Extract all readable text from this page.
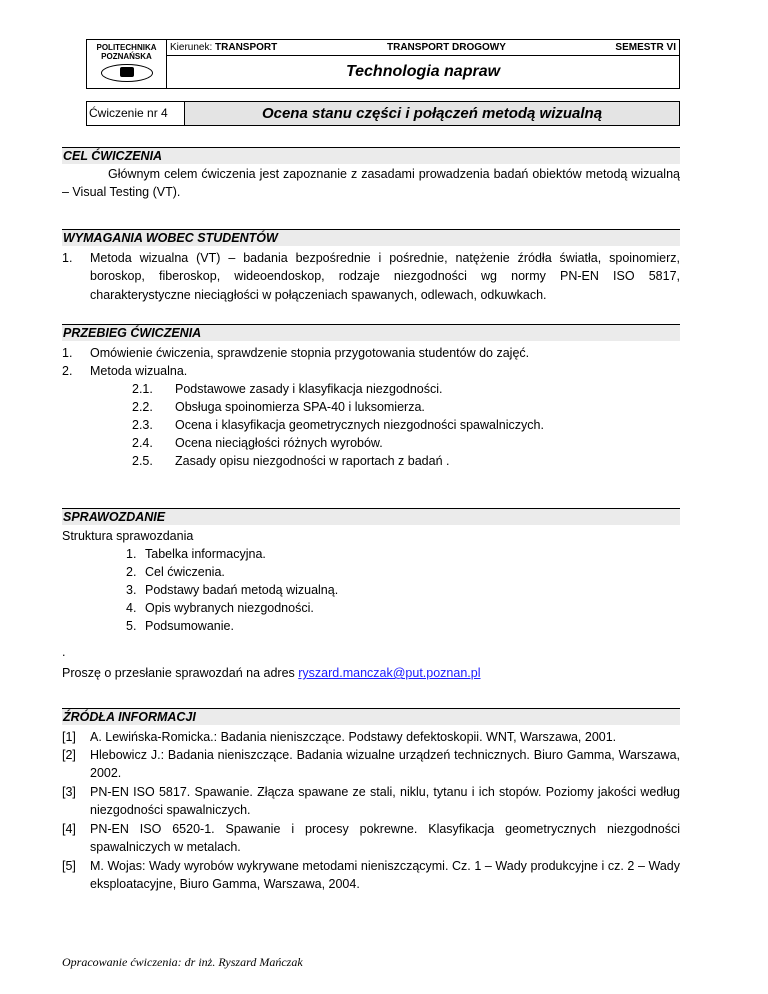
POLITECHNIKA
POZNAŃSKA
Kierunek: TRANSPORT	TRANSPORT DROGOWY	SEMESTR VI
Technologia napraw
Ćwiczenie nr 4	Ocena stanu części i połączeń metodą wizualną
CEL ĆWICZENIA
Głównym celem ćwiczenia jest zapoznanie z zasadami prowadzenia badań obiektów metodą wizualną – Visual Testing (VT).
WYMAGANIA WOBEC STUDENTÓW
1. Metoda wizualna (VT) – badania bezpośrednie i pośrednie, natężenie źródła światła, spoinomierz, boroskop, fiberoskop, wideoendoskop, rodzaje niezgodności wg normy PN-EN ISO 5817, charakterystyczne nieciągłości w połączeniach spawanych, odlewach, odkuwkach.
PRZEBIEG ĆWICZENIA
1. Omówienie ćwiczenia, sprawdzenie stopnia przygotowania studentów do zajęć.
2. Metoda wizualna.
2.1. Podstawowe zasady i klasyfikacja niezgodności.
2.2. Obsługa spoinomierza SPA-40 i luksomierza.
2.3. Ocena i klasyfikacja geometrycznych niezgodności spawalniczych.
2.4. Ocena nieciągłości różnych wyrobów.
2.5. Zasady opisu niezgodności w raportach z badań .
SPRAWOZDANIE
Struktura sprawozdania
1. Tabelka informacyjna.
2. Cel ćwiczenia.
3. Podstawy badań metodą wizualną.
4. Opis wybranych niezgodności.
5. Podsumowanie.
.
Proszę o przesłanie sprawozdań na adres ryszard.manczak@put.poznan.pl
ŹRÓDŁA INFORMACJI
[1] A. Lewińska-Romicka.: Badania nieniszczące. Podstawy defektoskopii. WNT, Warszawa, 2001.
[2] Hlebowicz J.: Badania nieniszczące. Badania wizualne urządzeń technicznych. Biuro Gamma, Warszawa, 2002.
[3] PN-EN ISO 5817. Spawanie. Złącza spawane ze stali, niklu, tytanu i ich stopów. Poziomy jakości według niezgodności spawalniczych.
[4] PN-EN ISO 6520-1. Spawanie i procesy pokrewne. Klasyfikacja geometrycznych niezgodności spawalniczych w metalach.
[5] M. Wojas: Wady wyrobów wykrywane metodami nieniszczącymi. Cz. 1 – Wady produkcyjne i cz. 2 – Wady eksploatacyjne, Biuro Gamma, Warszawa, 2004.
Opracowanie ćwiczenia: dr inż. Ryszard Mańczak
